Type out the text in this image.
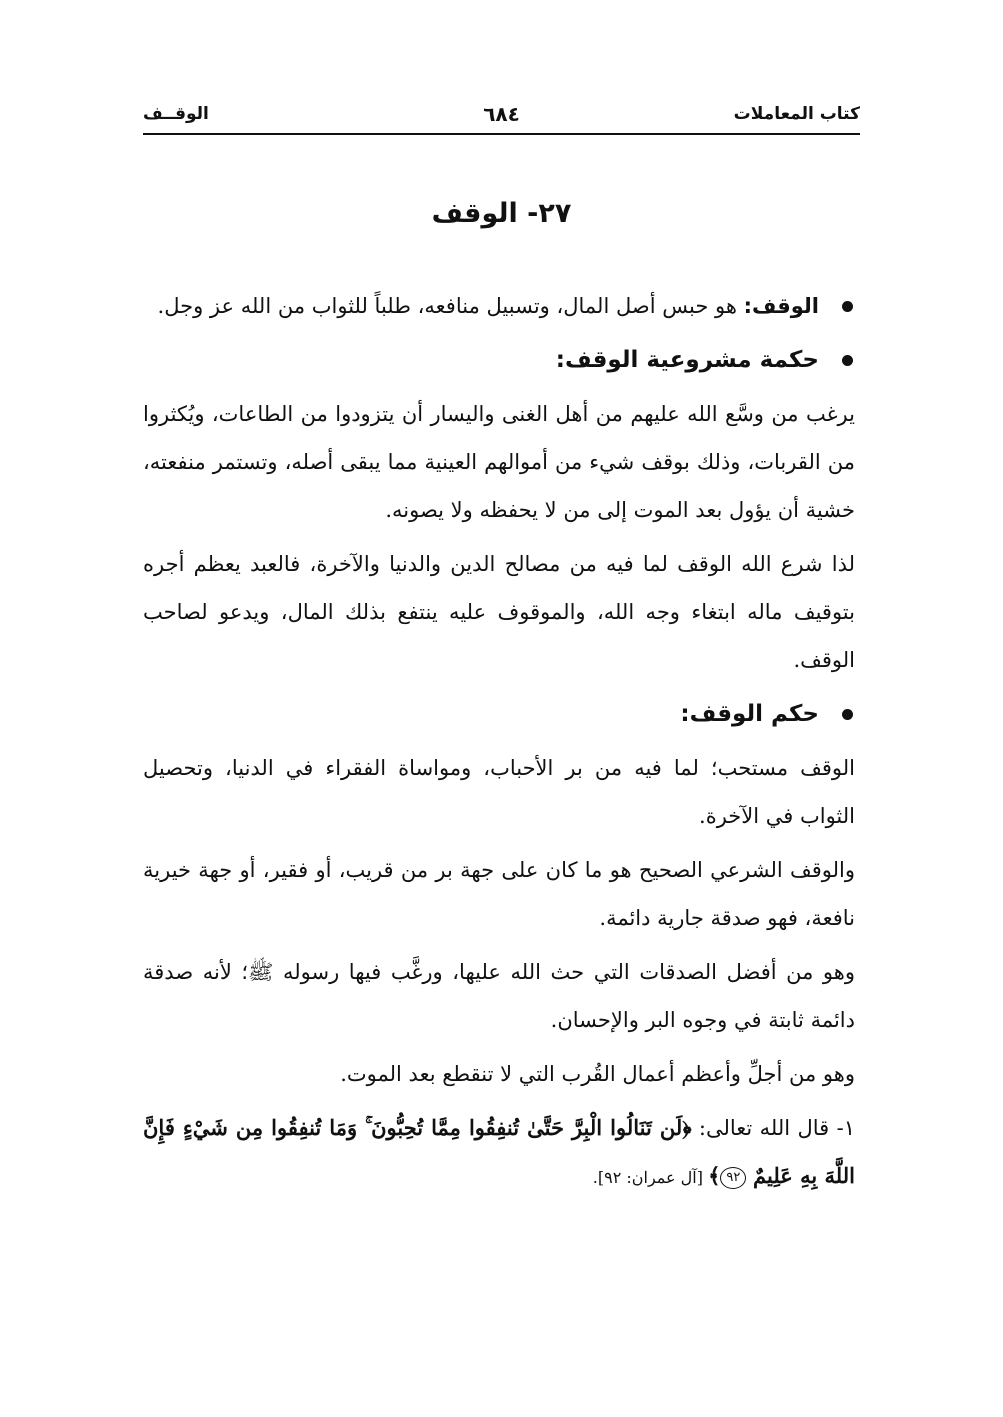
كتاب المعاملات
٦٨٤
الوقــف
٢٧- الوقف

الوقف: هو حبس أصل المال، وتسبيل منافعه، طلباً للثواب من الله عز وجل.

حكمة مشروعية الوقف:

يرغب من وسَّع الله عليهم من أهل الغنى واليسار أن يتزودوا من الطاعات، ويُكثروا من القربات، وذلك بوقف شيء من أموالهم العينية مما يبقى أصله، وتستمر منفعته، خشية أن يؤول بعد الموت إلى من لا يحفظه ولا يصونه.

لذا شرع الله الوقف لما فيه من مصالح الدين والدنيا والآخرة، فالعبد يعظم أجره بتوقيف ماله ابتغاء وجه الله، والموقوف عليه ينتفع بذلك المال، ويدعو لصاحب الوقف.

حكم الوقف:

الوقف مستحب؛ لما فيه من بر الأحباب، ومواساة الفقراء في الدنيا، وتحصيل الثواب في الآخرة.

والوقف الشرعي الصحيح هو ما كان على جهة بر من قريب، أو فقير، أو جهة خيرية نافعة، فهو صدقة جارية دائمة.

وهو من أفضل الصدقات التي حث الله عليها، ورغَّب فيها رسوله ﷺ؛ لأنه صدقة دائمة ثابتة في وجوه البر والإحسان.

وهو من أجلِّ وأعظم أعمال القُرب التي لا تنقطع بعد الموت.

١- قال الله تعالى: ﴿لَن تَنَالُوا الْبِرَّ حَتَّىٰ تُنفِقُوا مِمَّا تُحِبُّونَ ۚ وَمَا تُنفِقُوا مِن شَيْءٍ فَإِنَّ اللَّهَ بِهِ عَلِيمٌ ٩٢﴾ [آل عمران: ٩٢].
